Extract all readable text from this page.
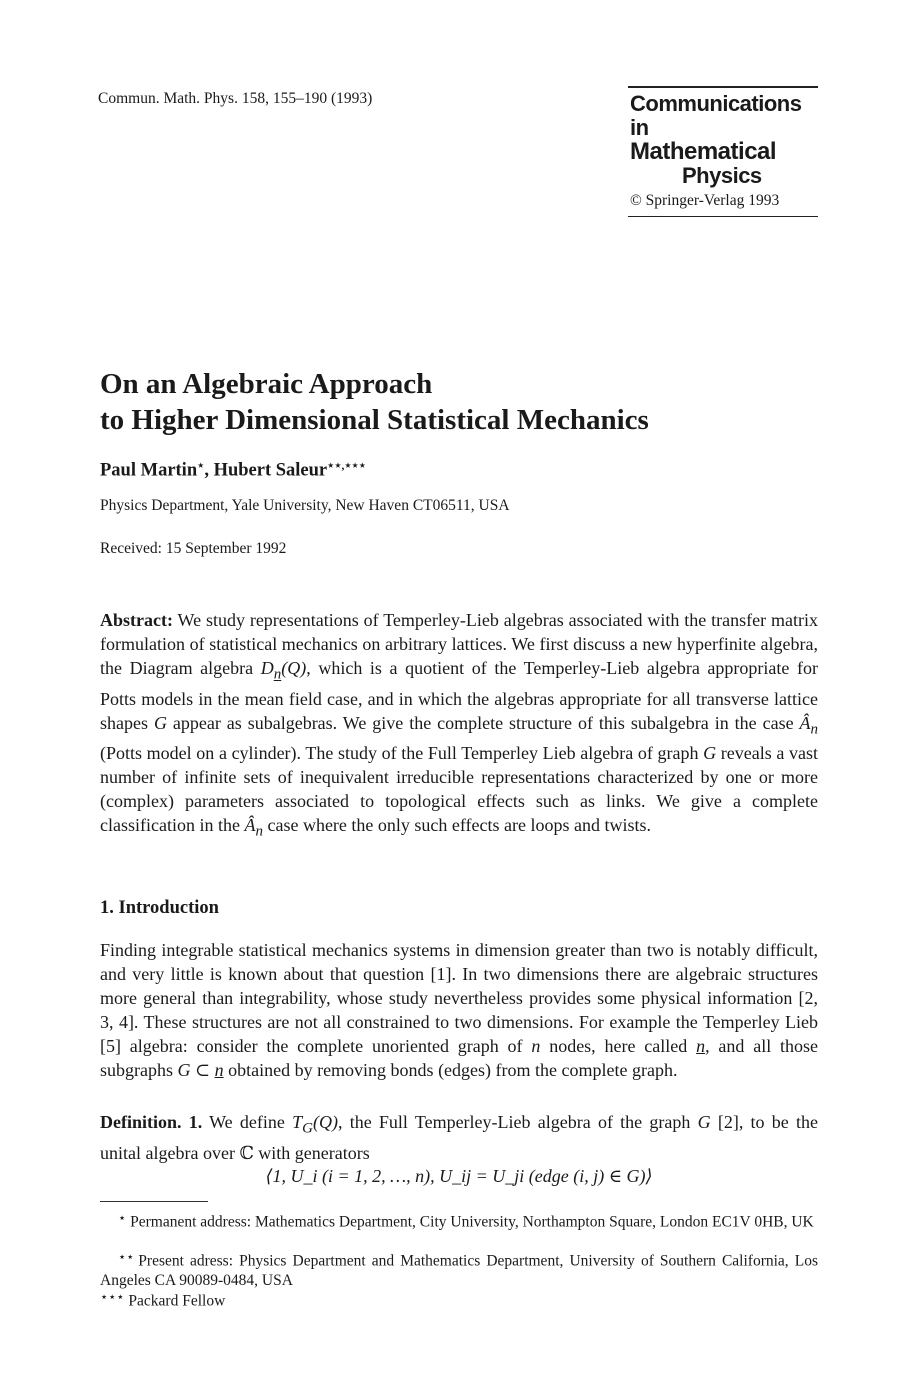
Commun. Math. Phys. 158, 155–190 (1993)	Communications in
Mathematical
Physics
© Springer-Verlag 1993
On an Algebraic Approach
to Higher Dimensional Statistical Mechanics
Paul Martin⋆, Hubert Saleur⋆⋆,⋆⋆⋆
Physics Department, Yale University, New Haven CT06511, USA
Received: 15 September 1992
Abstract: We study representations of Temperley-Lieb algebras associated with the transfer matrix formulation of statistical mechanics on arbitrary lattices. We first discuss a new hyperfinite algebra, the Diagram algebra $D_n(Q)$, which is a quotient of the Temperley-Lieb algebra appropriate for Potts models in the mean field case, and in which the algebras appropriate for all transverse lattice shapes G appear as subalgebras. We give the complete structure of this subalgebra in the case $Â_n$ (Potts model on a cylinder). The study of the Full Temperley Lieb algebra of graph G reveals a vast number of infinite sets of inequivalent irreducible representations characterized by one or more (complex) parameters associated to topological effects such as links. We give a complete classification in the $Â_n$ case where the only such effects are loops and twists.
1. Introduction
Finding integrable statistical mechanics systems in dimension greater than two is notably difficult, and very little is known about that question [1]. In two dimensions there are algebraic structures more general than integrability, whose study nevertheless provides some physical information [2, 3, 4]. These structures are not all constrained to two dimensions. For example the Temperley Lieb [5] algebra: consider the complete unoriented graph of n nodes, here called n, and all those subgraphs G ⊂ n obtained by removing bonds (edges) from the complete graph.
Definition. 1. We define $T_G(Q)$, the Full Temperley-Lieb algebra of the graph G [2], to be the unital algebra over ℂ with generators
⟨1, U_i (i = 1, 2, …, n), U_ij = U_ji (edge (i, j) ∈ G)⟩
⋆ Permanent address: Mathematics Department, City University, Northampton Square, London EC1V 0HB, UK
⋆⋆ Present adress: Physics Department and Mathematics Department, University of Southern California, Los Angeles CA 90089-0484, USA
⋆⋆⋆ Packard Fellow
